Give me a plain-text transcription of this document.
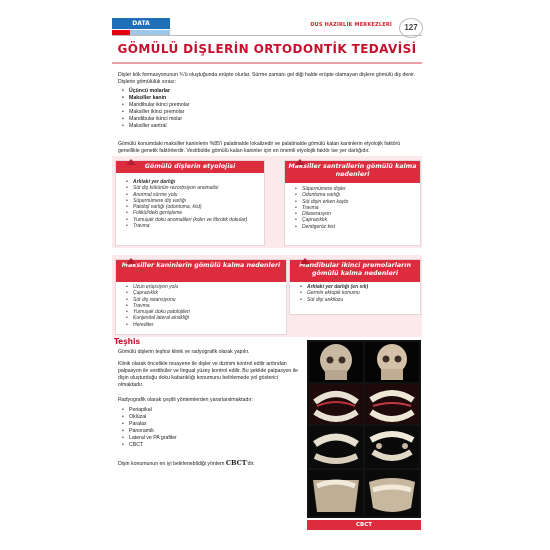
DATA	DUS HAZIRLIK MERKEZLERİ	127
GÖMÜLÜ DİŞLERİN ORTODONTİK TEDAVİSİ
Dişler kök formasyonunun ¾'ü oluştuğunda erüpte olurlar. Sürme zamanı gel diği halde erüpte olamayan dişlere gömülü diş denir. Dişlerin gömülülük sırası:
• Üçüncü molarlar
• Maksiller kanin
• Mandibular ikinci premolar
• Maksiller ikinci premolar
• Mandibular ikinci molar
• Maksiller santral
Gömülü konumdaki maksiller kaninlerin %85'i palatinalde lokalizedir ve palatinalde gömülü kalan kaninlerin etyolojik faktörü genellikle genetik faktörlerdir. Vestibülde gömülü kalan kaninler için en önemli etyolojik faktör ise yer darlığıdır.
Gömülü dişlerin etyolojisi
• Arktaki yer darlığı
• Süt diş kökünün rezorbsiyon anomalisi
• Anormal sürme yolu
• Süpernümere diş varlığı
• Patoloji varlığı (odontoma, kist)
• Folikül/deki genişleme
• Yumuşak doku anomalileri (kalın ve fibrotik dokular)
• Travma
Maksiller santrallerin gömülü kalma nedenleri
• Süpernümere dişler
• Odontoma varlığı
• Süt dişin erken kaybı
• Travma
• Dilaserasyon
• Çaprazıklık
• Dentigeröz kist
Maksiller kaninlerin gömülü kalma nedenleri
• Uzun erüpsiyon yolu
• Çaprazıklık
• Süt diş retansiyonu
• Travma
• Yumuşak doku patolojileri
• Konjenital lateral eksikliği
• Herediter
Mandibular ikinci premolarların gömülü kalma nedenleri
• Arktaki yer darlığı (en sık)
• Germin ektopik konumu
• Süt dişi ankilozu
Teşhis
Gömülü dişlerin teşhisi klinik ve radyografik olarak yapılır.
Klinik olarak öncelikle muayene ile dişler ve dizinim kontrol edilir ardından palpasyon ile vestibüler ve lingual yüzey kontrol edilir. Bu şekilde palpasyon ile dişin oluşturduğu doku kabarıklığı konumunu belirlemede yol gösterici olmaktadır.
Radyografik olarak çeşitli yöntemlerden yararlanılmaktadır:
• Periapikal
• Oklüzal
• Paralax
• Panoramik
• Lateral ve PA grafiler
• CBCT
Dişin konumunun en iyi belirlenebildiği yöntem CBCT'dir.
CBCT
